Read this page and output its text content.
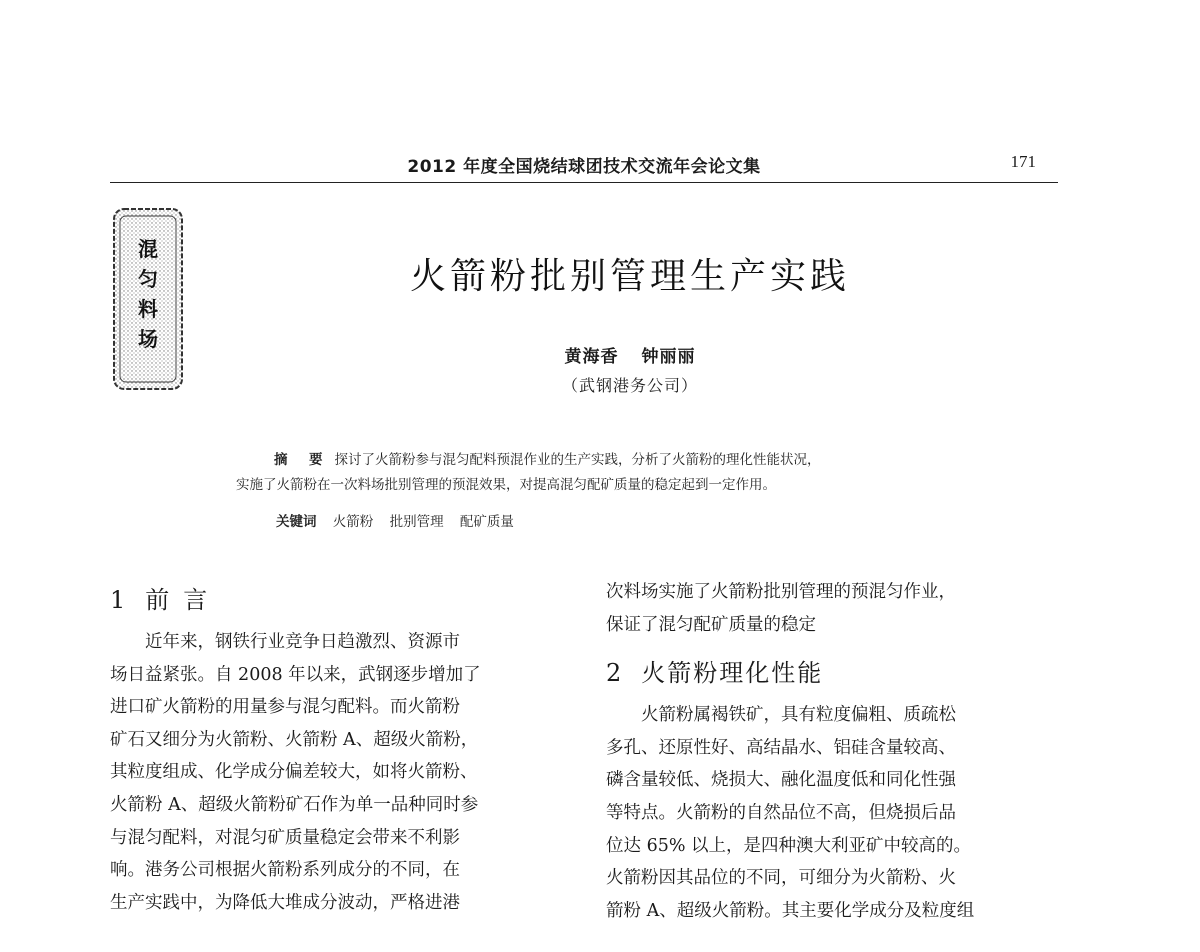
2012 年度全国烧结球团技术交流年会论文集	171
混
匀
料
场
火箭粉批别管理生产实践
黄海香 钟丽丽
（武钢港务公司）
摘　要 探讨了火箭粉参与混匀配料预混作业的生产实践，分析了火箭粉的理化性能状况，
实施了火箭粉在一次料场批别管理的预混效果，对提高混匀配矿质量的稳定起到一定作用。
关键词 火箭粉 批别管理 配矿质量
1 前言

近年来，钢铁行业竞争日趋激烈、资源市

场日益紧张。自 2008 年以来，武钢逐步增加了

进口矿火箭粉的用量参与混匀配料。而火箭粉

矿石又细分为火箭粉、火箭粉 A、超级火箭粉，

其粒度组成、化学成分偏差较大，如将火箭粉、

火箭粉 A、超级火箭粉矿石作为单一品种同时参

与混匀配料，对混匀矿质量稳定会带来不利影

响。港务公司根据火箭粉系列成分的不同，在

生产实践中，为降低大堆成分波动，严格进港

次料场实施了火箭粉批别管理的预混匀作业，

保证了混匀配矿质量的稳定

2 火箭粉理化性能

火箭粉属褐铁矿，具有粒度偏粗、质疏松

多孔、还原性好、高结晶水、铝硅含量较高、

磷含量较低、烧损大、融化温度低和同化性强

等特点。火箭粉的自然品位不高，但烧损后品

位达 65% 以上，是四种澳大利亚矿中较高的。

火箭粉因其品位的不同，可细分为火箭粉、火

箭粉 A、超级火箭粉。其主要化学成分及粒度组
